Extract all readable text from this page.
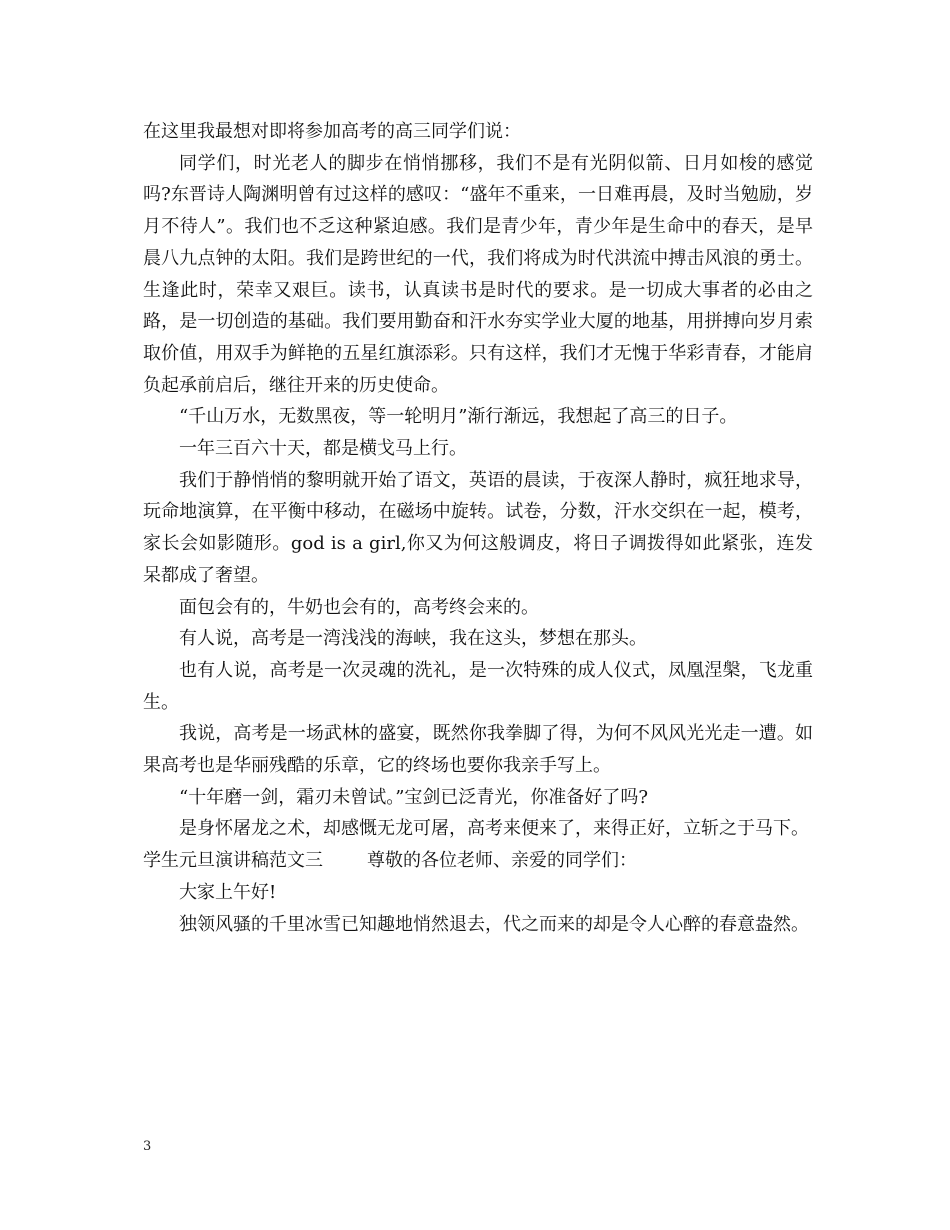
在这里我最想对即将参加高考的高三同学们说：

同学们，时光老人的脚步在悄悄挪移，我们不是有光阴似箭、日月如梭的感觉吗?东晋诗人陶渊明曾有过这样的感叹：“盛年不重来，一日难再晨，及时当勉励，岁月不待人”。我们也不乏这种紧迫感。我们是青少年，青少年是生命中的春天，是早晨八九点钟的太阳。我们是跨世纪的一代，我们将成为时代洪流中搏击风浪的勇士。生逢此时，荣幸又艰巨。读书，认真读书是时代的要求。是一切成大事者的必由之路，是一切创造的基础。我们要用勤奋和汗水夯实学业大厦的地基，用拼搏向岁月索取价值，用双手为鲜艳的五星红旗添彩。只有这样，我们才无愧于华彩青春，才能肩负起承前启后，继往开来的历史使命。

“千山万水，无数黑夜，等一轮明月”渐行渐远，我想起了高三的日子。

一年三百六十天，都是横戈马上行。

我们于静悄悄的黎明就开始了语文，英语的晨读，于夜深人静时，疯狂地求导，玩命地演算，在平衡中移动，在磁场中旋转。试卷，分数，汗水交织在一起，模考，家长会如影随形。god is a girl,你又为何这般调皮，将日子调拨得如此紧张，连发呆都成了奢望。

面包会有的，牛奶也会有的，高考终会来的。

有人说，高考是一湾浅浅的海峡，我在这头，梦想在那头。

也有人说，高考是一次灵魂的洗礼，是一次特殊的成人仪式，凤凰涅槃，飞龙重生。

我说，高考是一场武林的盛宴，既然你我拳脚了得，为何不风风光光走一遭。如果高考也是华丽残酷的乐章，它的终场也要你我亲手写上。

“十年磨一剑，霜刃未曾试。”宝剑已泛青光，你准备好了吗?

是身怀屠龙之术，却感慨无龙可屠，高考来便来了，来得正好，立斩之于马下。

学生元旦演讲稿范文三 尊敬的各位老师、亲爱的同学们：

大家上午好!

独领风骚的千里冰雪已知趣地悄然退去，代之而来的却是令人心醉的春意盎然。

3
